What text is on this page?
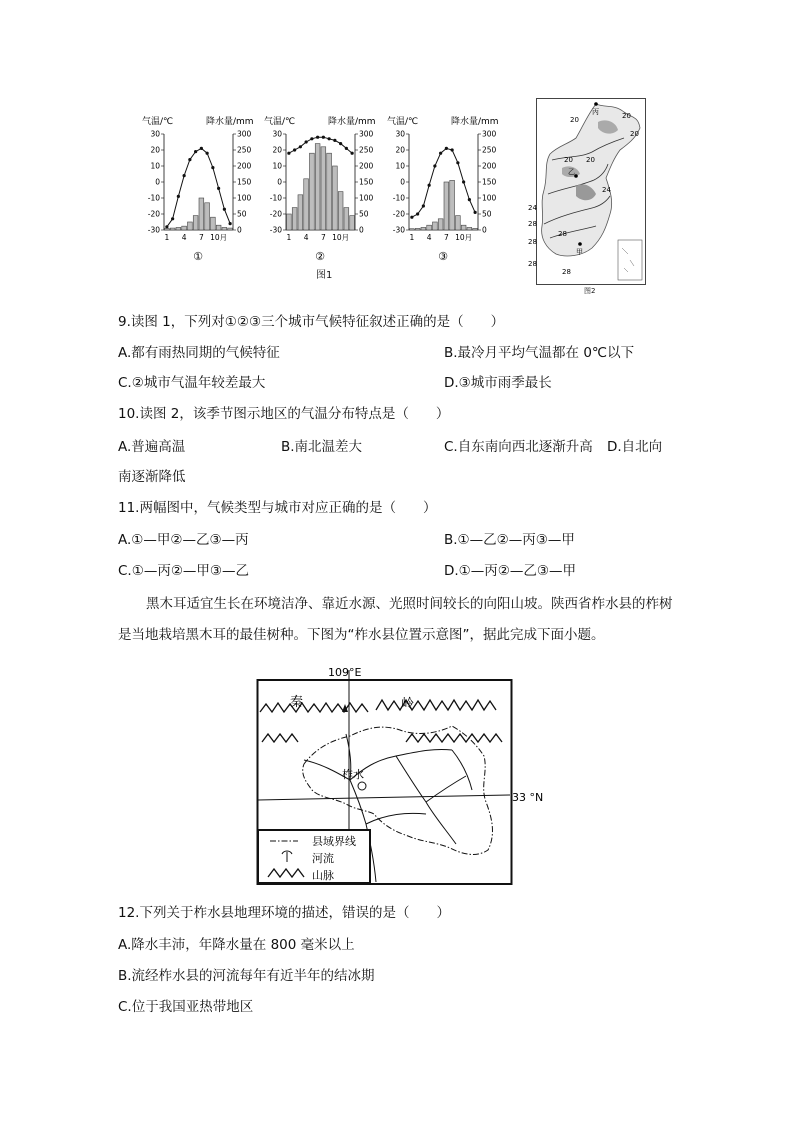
气温/℃	降水量/mm
30
20
10
0
-10
-20
-30
300
250
200
150
100
50
0
1 4 7 10月
①
气温/℃	降水量/mm
30
20
10
0
-10
-20
-30
300
250
200
150
100
50
0
1 4 7 10月
②
气温/℃	降水量/mm
30
20
10
0
-10
-20
-30
300
250
200
150
100
50
0
1 4 7 10月
③
图1
20	20
20
20 20
24
24
28
28
28
28
28
丙
乙
甲
图2
9.读图 1，下列对①②③三个城市气候特征叙述正确的是（　　）
A.都有雨热同期的气候特征	B.最冷月平均气温都在 0℃以下
C.②城市气温年较差最大	D.③城市雨季最长
10.读图 2，该季节图示地区的气温分布特点是（　　）
A.普遍高温	B.南北温差大	C.自东南向西北逐渐升高 D.自北向
南逐渐降低
11.两幅图中，气候类型与城市对应正确的是（　　）
A.①—甲②—乙③—丙	B.①—乙②—丙③—甲
C.①—丙②—甲③—乙	D.①—丙②—乙③—甲
黑木耳适宜生长在环境洁净、靠近水源、光照时间较长的向阳山坡。陕西省柞水县的柞树是当地栽培黑木耳的最佳树种。下图为“柞水县位置示意图”，据此完成下面小题。
109°E
33 °N
秦	岭
柞水
县域界线
河流
山脉
12.下列关于柞水县地理环境的描述，错误的是（　　）
A.降水丰沛，年降水量在 800 毫米以上
B.流经柞水县的河流每年有近半年的结冰期
C.位于我国亚热带地区
